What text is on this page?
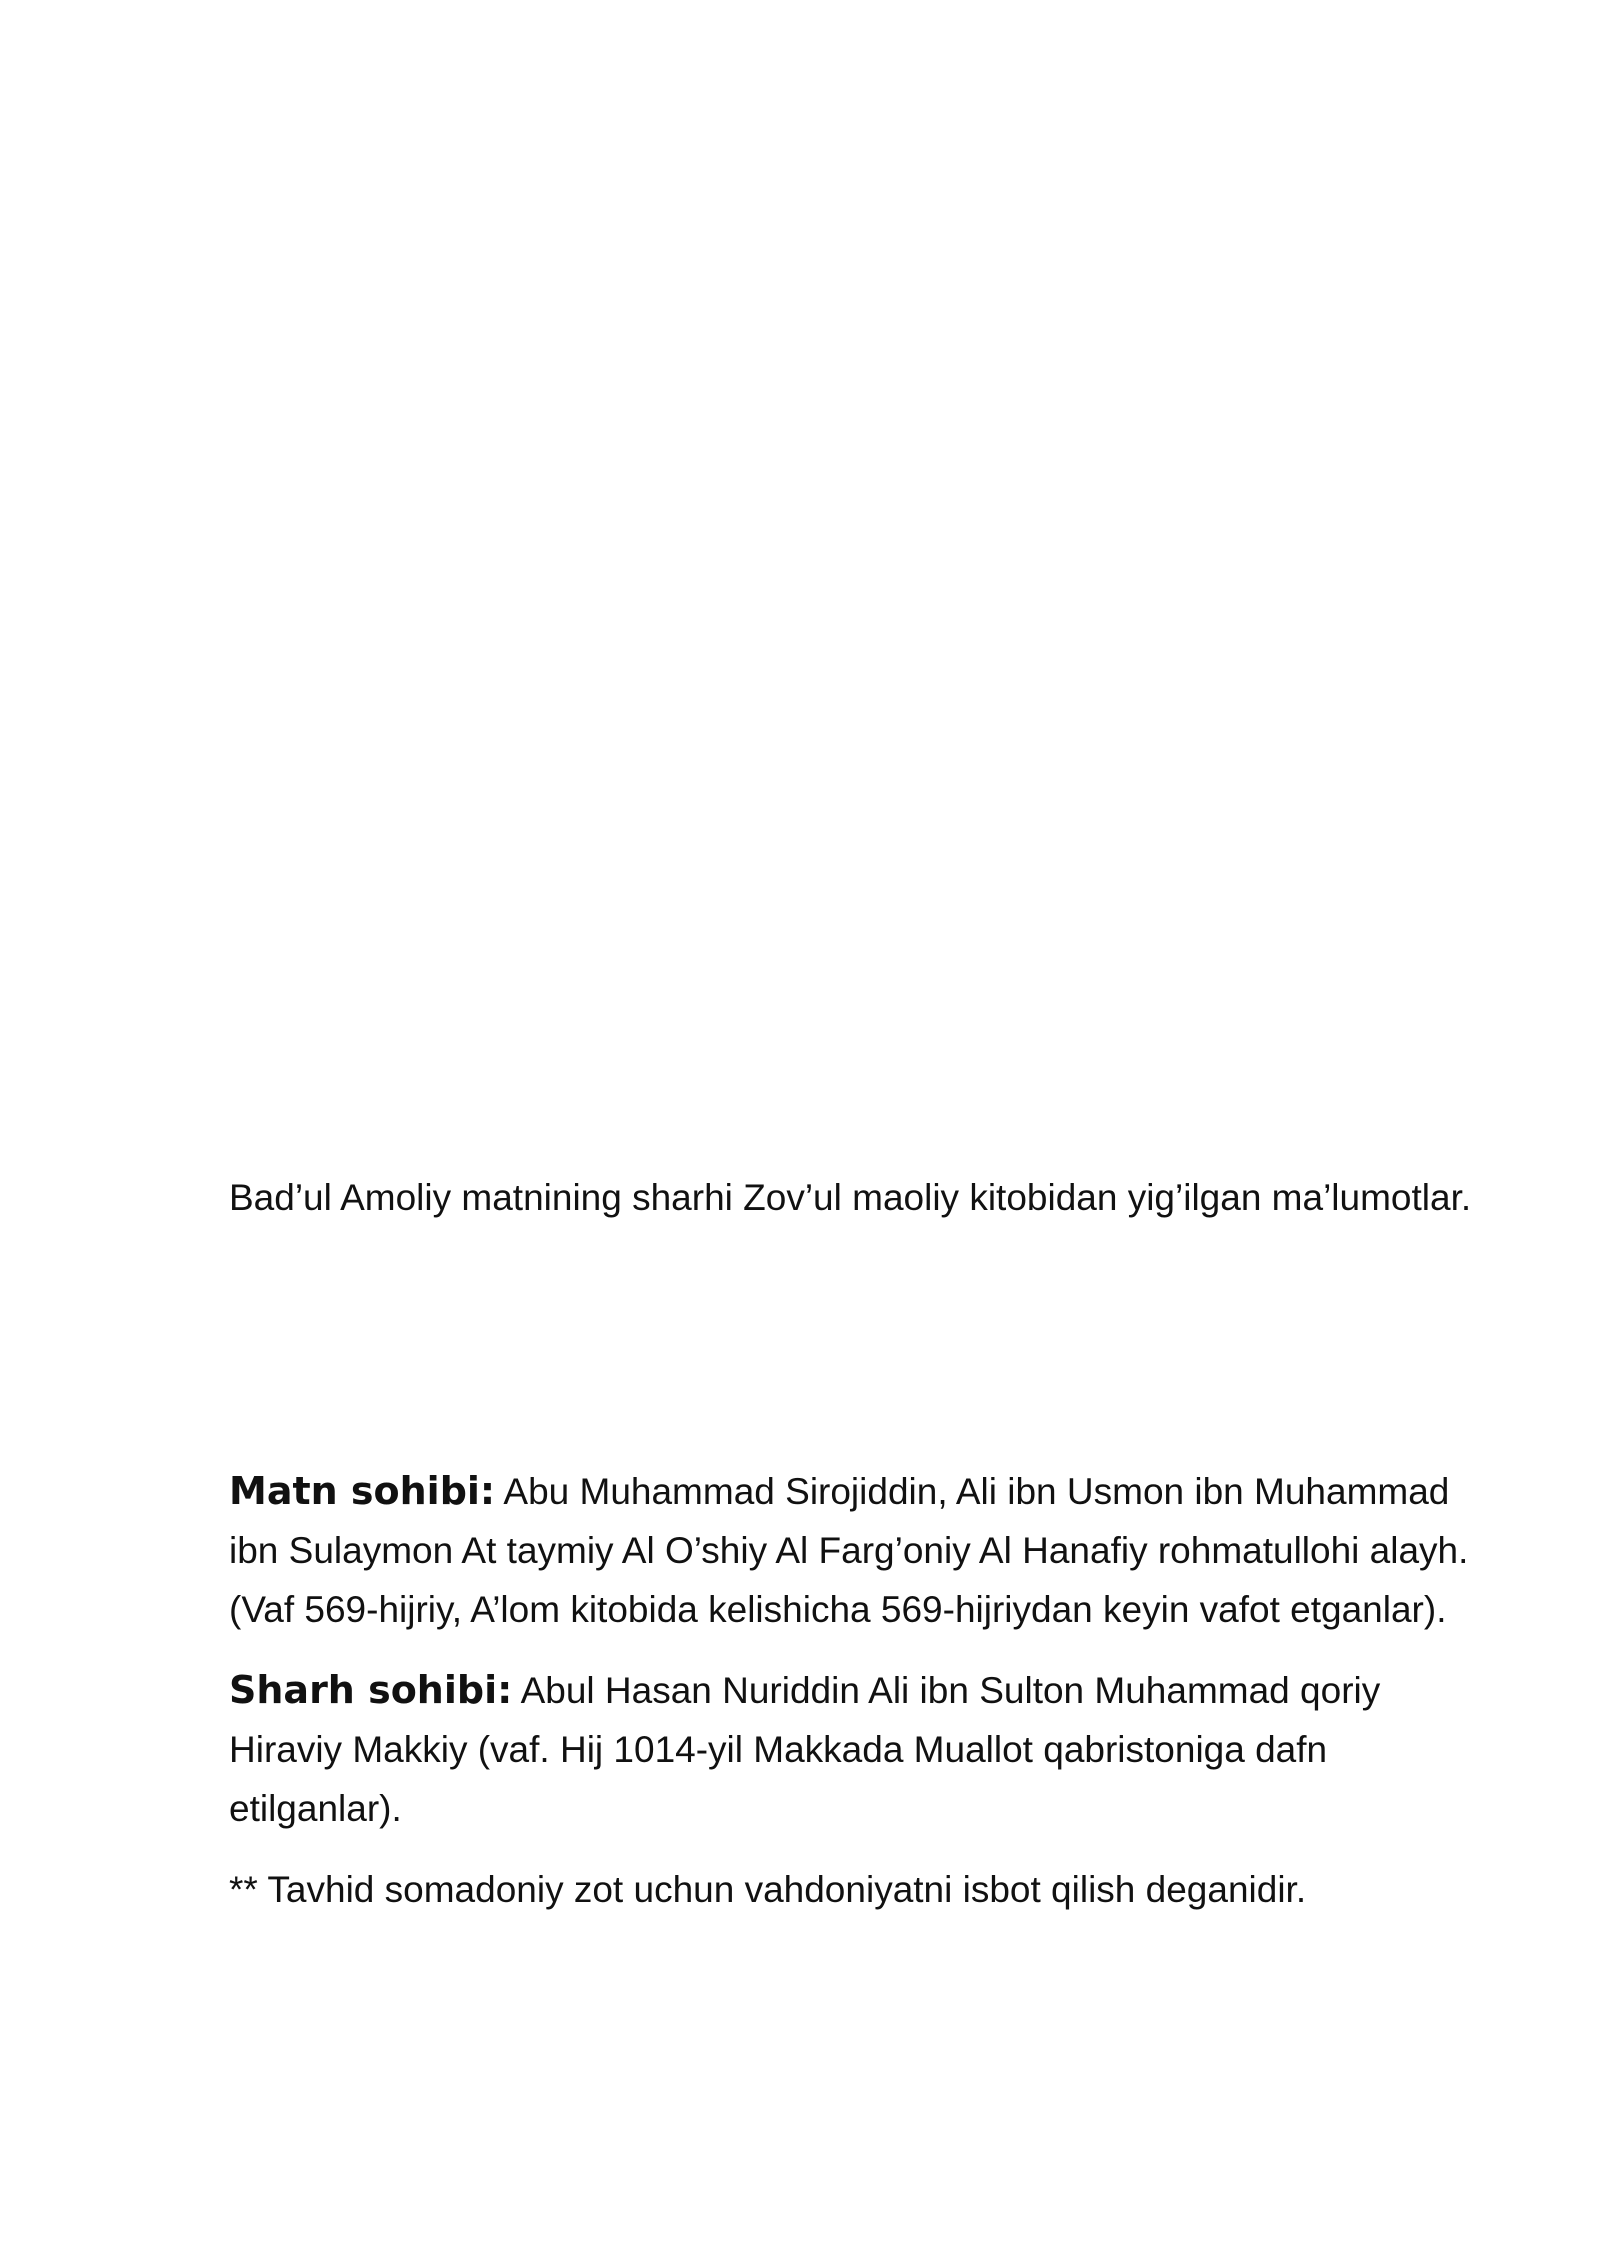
Bad’ul Amoliy matnining sharhi Zov’ul maoliy kitobidan yig’ilgan ma’lumotlar.

Matn sohibi: Abu Muhammad Sirojiddin, Ali ibn Usmon ibn Muhammad ibn Sulaymon At taymiy Al O’shiy Al Farg’oniy Al Hanafiy rohmatullohi alayh. (Vaf 569-hijriy, A’lom kitobida kelishicha 569-hijriydan keyin vafot etganlar).

Sharh sohibi: Abul Hasan Nuriddin Ali ibn Sulton Muhammad qoriy Hiraviy Makkiy (vaf. Hij 1014-yil Makkada Muallot qabristoniga dafn etilganlar).

** Tavhid somadoniy zot uchun vahdoniyatni isbot qilish deganidir.
